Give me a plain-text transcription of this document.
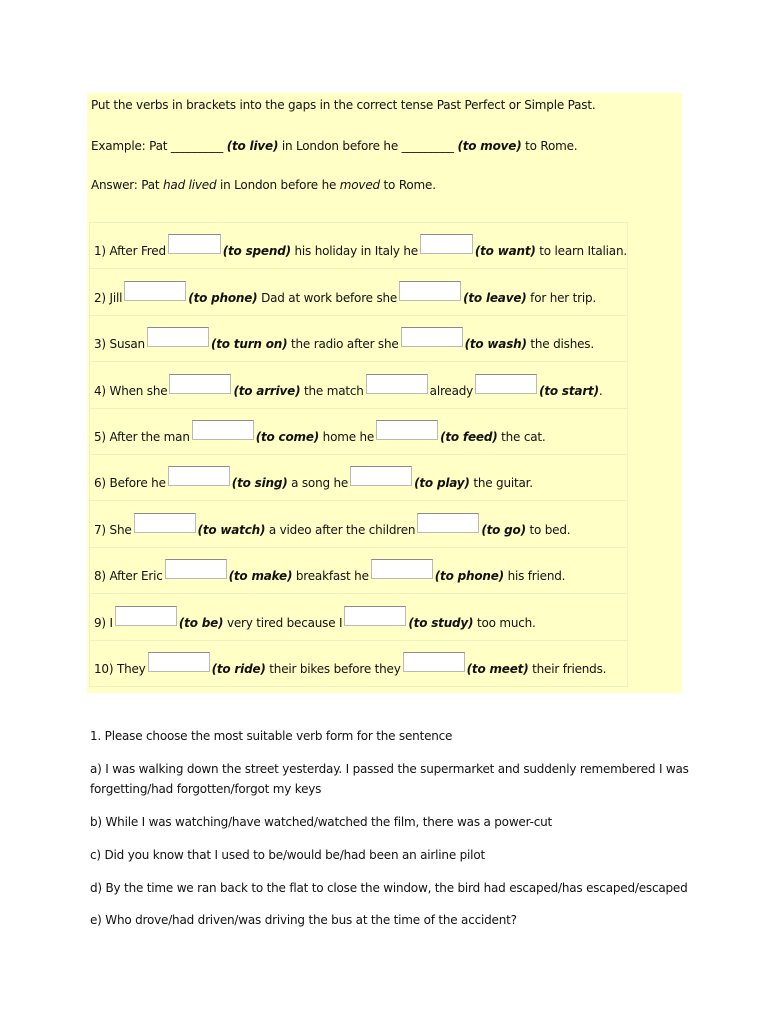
Put the verbs in brackets into the gaps in the correct tense Past Perfect or Simple Past.
Example: Pat _________ (to live) in London before he _________ (to move) to Rome.
Answer: Pat had lived in London before he moved to Rome.
1) After Fred	(to spend) his holiday in Italy he	(to want) to learn Italian.
2) Jill	(to phone) Dad at work before she	(to leave) for her trip.
3) Susan	(to turn on) the radio after she	(to wash) the dishes.
4) When she	(to arrive) the match	already	(to start) .
5) After the man	(to come) home he	(to feed) the cat.
6) Before he	(to sing) a song he	(to play) the guitar.
7) She	(to watch) a video after the children	(to go) to bed.
8) After Eric	(to make) breakfast he	(to phone) his friend.
9) I	(to be) very tired because I	(to study) too much.
10) They	(to ride) their bikes before they	(to meet) their friends.
1. Please choose the most suitable verb form for the sentence
a) I was walking down the street yesterday. I passed the supermarket and suddenly remembered I was forgetting/had forgotten/forgot my keys
b) While I was watching/have watched/watched the film, there was a power-cut
c) Did you know that I used to be/would be/had been an airline pilot
d) By the time we ran back to the flat to close the window, the bird had escaped/has escaped/escaped
e) Who drove/had driven/was driving the bus at the time of the accident?
